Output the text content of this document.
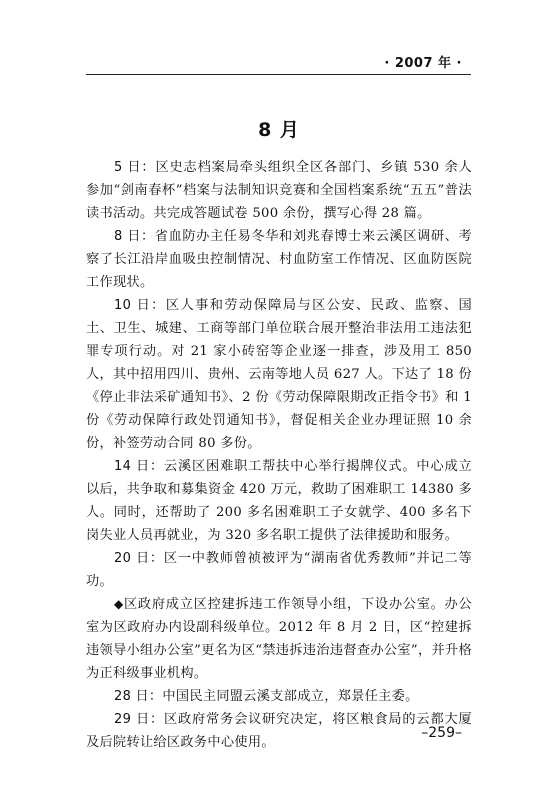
· 2007 年 ·
8 月

5 日：区史志档案局牵头组织全区各部门、乡镇 530 余人参加“剑南春杯”档案与法制知识竞赛和全国档案系统“五五”普法读书活动。共完成答题试卷 500 余份，撰写心得 28 篇。

8 日：省血防办主任易冬华和刘兆春博士来云溪区调研、考察了长江沿岸血吸虫控制情况、村血防室工作情况、区血防医院工作现状。

10 日：区人事和劳动保障局与区公安、民政、监察、国土、卫生、城建、工商等部门单位联合展开整治非法用工违法犯罪专项行动。对 21 家小砖窑等企业逐一排查，涉及用工 850 人，其中招用四川、贵州、云南等地人员 627 人。下达了 18 份《停止非法采矿通知书》、2 份《劳动保障限期改正指令书》和 1 份《劳动保障行政处罚通知书》，督促相关企业办理证照 10 余份，补签劳动合同 80 多份。

14 日：云溪区困难职工帮扶中心举行揭牌仪式。中心成立以后，共争取和募集资金 420 万元，救助了困难职工 14380 多人。同时，还帮助了 200 多名困难职工子女就学、400 多名下岗失业人员再就业，为 320 多名职工提供了法律援助和服务。

20 日：区一中教师曾祯被评为“湖南省优秀教师”并记二等功。

◆区政府成立区控建拆违工作领导小组，下设办公室。办公室为区政府办内设副科级单位。2012 年 8 月 2 日，区“控建拆违领导小组办公室”更名为区“禁违拆违治违督查办公室”，并升格为正科级事业机构。

28 日：中国民主同盟云溪支部成立，郑景任主委。

29 日：区政府常务会议研究决定，将区粮食局的云都大厦及后院转让给区政务中心使用。

–259–
